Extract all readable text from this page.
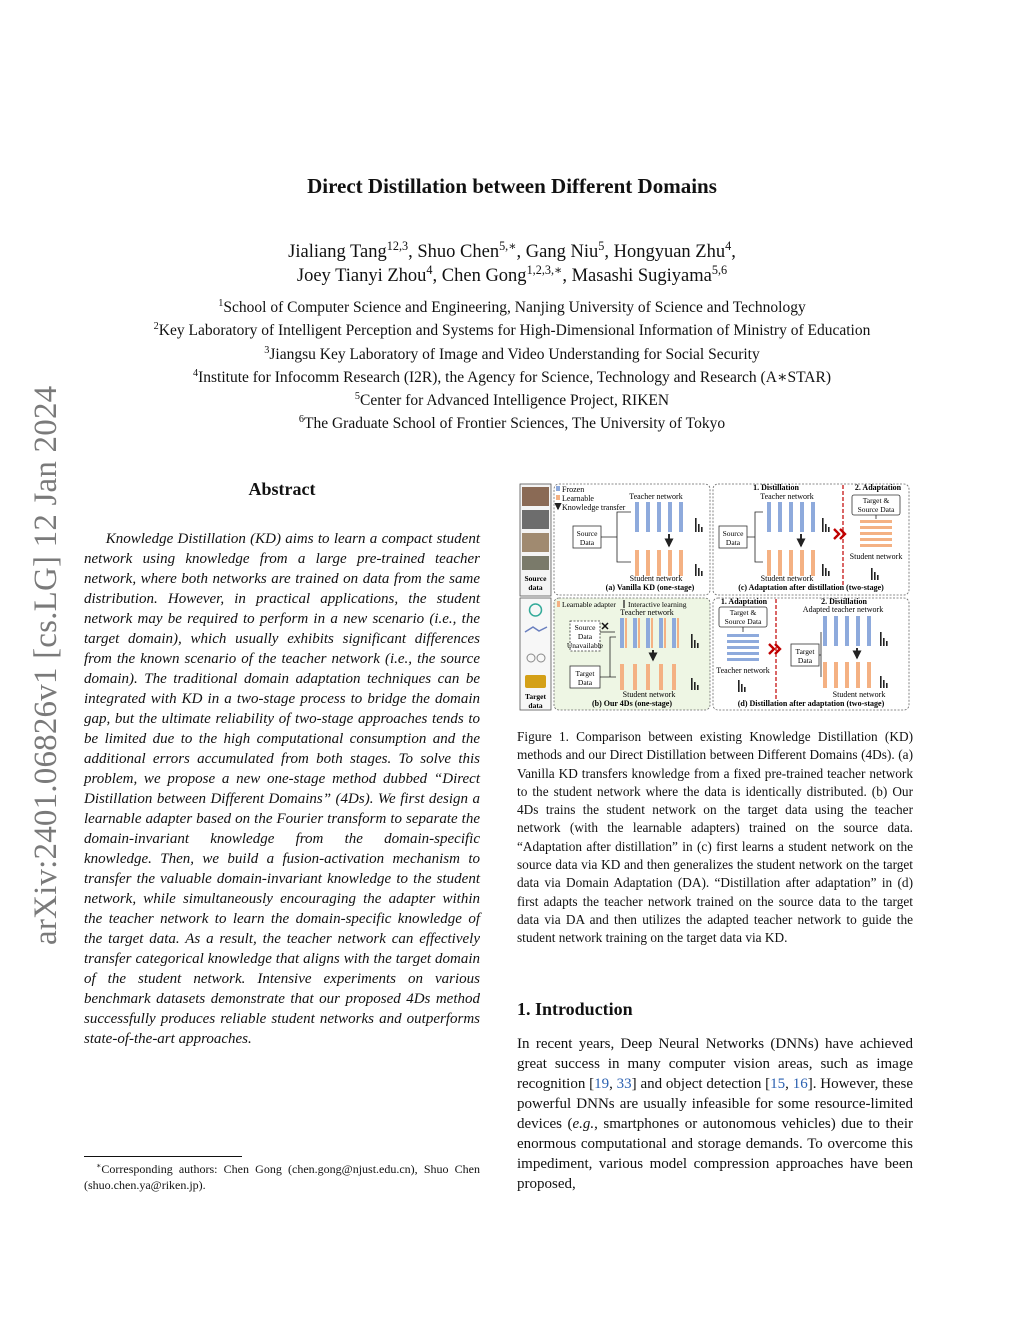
arXiv:2401.06826v1 [cs.LG] 12 Jan 2024
Direct Distillation between Different Domains
Jialiang Tang$^{12,3}$, Shuo Chen$^{5,∗}$, Gang Niu$^5$, Hongyuan Zhu$^4$,
Joey Tianyi Zhou$^4$, Chen Gong$^{1,2,3,∗}$, Masashi Sugiyama$^{5,6}$
$^1$School of Computer Science and Engineering, Nanjing University of Science and Technology
$^2$Key Laboratory of Intelligent Perception and Systems for High-Dimensional Information of Ministry of Education
$^3$Jiangsu Key Laboratory of Image and Video Understanding for Social Security
$^4$Institute for Infocomm Research (I2R), the Agency for Science, Technology and Research (A∗STAR)
$^5$Center for Advanced Intelligence Project, RIKEN
$^6$The Graduate School of Frontier Sciences, The University of Tokyo
Abstract
Knowledge Distillation (KD) aims to learn a compact student network using knowledge from a large pre-trained teacher network, where both networks are trained on data from the same distribution. However, in practical applications, the student network may be required to perform in a new scenario (i.e., the target domain), which usually exhibits significant differences from the known scenario of the teacher network (i.e., the source domain). The traditional domain adaptation techniques can be integrated with KD in a two-stage process to bridge the domain gap, but the ultimate reliability of two-stage approaches tends to be limited due to the high computational consumption and the additional errors accumulated from both stages. To solve this problem, we propose a new one-stage method dubbed “Direct Distillation between Different Domains” (4Ds). We first design a learnable adapter based on the Fourier transform to separate the domain-invariant knowledge from the domain-specific knowledge. Then, we build a fusion-activation mechanism to transfer the valuable domain-invariant knowledge to the student network, while simultaneously encouraging the adapter within the teacher network to learn the domain-specific knowledge of the target data. As a result, the teacher network can effectively transfer categorical knowledge that aligns with the target domain of the student network. Intensive experiments on various benchmark datasets demonstrate that our proposed 4Ds method successfully produces reliable student networks and outperforms state-of-the-art approaches.
∗Corresponding authors: Chen Gong (chen.gong@njust.edu.cn), Shuo Chen (shuo.chen.ya@riken.jp).
Source
data
Target
data
Frozen
Learnable
Knowledge transfer
Teacher network
Source
Data
Student network
(a) Vanilla KD (one-stage)
1. Distillation	2. Adaptation
Teacher network
Source
Data
Student network
Target &
Source Data
Student network
(c) Adaptation after distillation (two-stage)
Learnable adapter Interactive learning
Teacher network
Source
Data
Unavailable
Target
Data
Student network
(b) Our 4Ds (one-stage)
1. Adaptation	2. Distillation
Target &
Source Data
Teacher network
Adapted teacher network
Target
Data
Student network
(d) Distillation after adaptation (two-stage)
Figure 1. Comparison between existing Knowledge Distillation (KD) methods and our Direct Distillation between Different Domains (4Ds). (a) Vanilla KD transfers knowledge from a fixed pre-trained teacher network to the student network where the data is identically distributed. (b) Our 4Ds trains the student network on the target data using the teacher network (with the learnable adapters) trained on the source data. “Adaptation after distillation” in (c) first learns a student network on the source data via KD and then generalizes the student network on the target data via Domain Adaptation (DA). “Distillation after adaptation” in (d) first adapts the teacher network trained on the source data to the target data via DA and then utilizes the adapted teacher network to guide the student network training on the target data via KD.
1. Introduction
In recent years, Deep Neural Networks (DNNs) have achieved great success in many computer vision areas, such as image recognition [19, 33] and object detection [15, 16]. However, these powerful DNNs are usually infeasible for some resource-limited devices (e.g., smartphones or autonomous vehicles) due to their enormous computational and storage demands. To overcome this impediment, various model compression approaches have been proposed,
